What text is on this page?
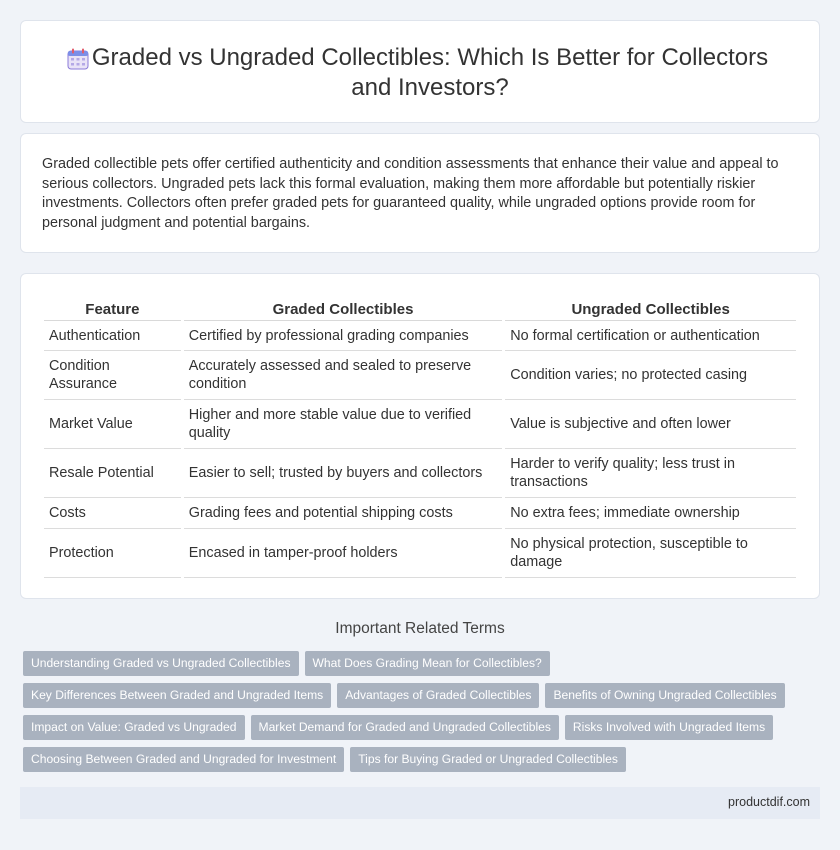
Graded vs Ungraded Collectibles: Which Is Better for Collectors and Investors?

Graded collectible pets offer certified authenticity and condition assessments that enhance their value and appeal to serious collectors. Ungraded pets lack this formal evaluation, making them more affordable but potentially riskier investments. Collectors often prefer graded pets for guaranteed quality, while ungraded options provide room for personal judgment and potential bargains.

Feature	Graded Collectibles	Ungraded Collectibles
Authentication	Certified by professional grading companies	No formal certification or authentication
Condition Assurance	Accurately assessed and sealed to preserve condition	Condition varies; no protected casing
Market Value	Higher and more stable value due to verified quality	Value is subjective and often lower
Resale Potential	Easier to sell; trusted by buyers and collectors	Harder to verify quality; less trust in transactions
Costs	Grading fees and potential shipping costs	No extra fees; immediate ownership
Protection	Encased in tamper-proof holders	No physical protection, susceptible to damage
Important Related Terms
Understanding Graded vs Ungraded Collectibles What Does Grading Mean for Collectibles?
Key Differences Between Graded and Ungraded Items Advantages of Graded Collectibles Benefits of Owning Ungraded Collectibles
Impact on Value: Graded vs Ungraded Market Demand for Graded and Ungraded Collectibles Risks Involved with Ungraded Items
Choosing Between Graded and Ungraded for Investment Tips for Buying Graded or Ungraded Collectibles
productdif.com
